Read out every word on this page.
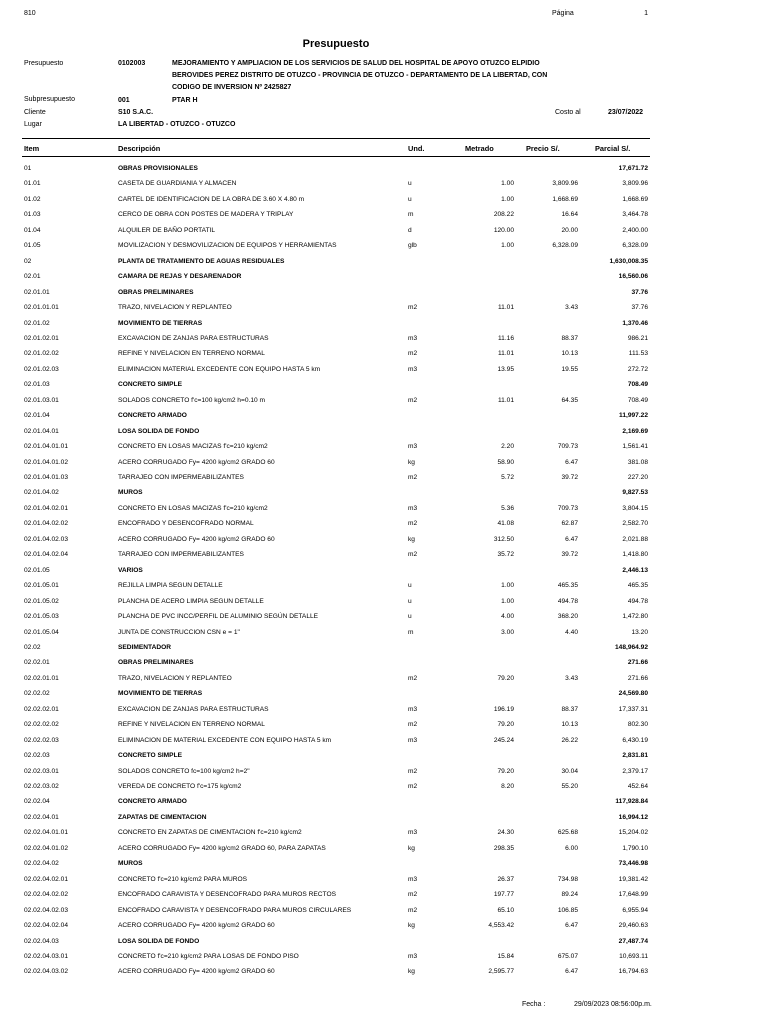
810	Página	1
Presupuesto
Presupuesto	0102003	MEJORAMIENTO Y AMPLIACION DE LOS SERVICIOS DE SALUD DEL HOSPITAL DE APOYO OTUZCO ELPIDIO
BEROVIDES PEREZ DISTRITO DE OTUZCO - PROVINCIA DE OTUZCO - DEPARTAMENTO DE LA LIBERTAD, CON
CODIGO DE INVERSION Nº 2425827
Subpresupuesto	001	PTAR H
Cliente	S10 S.A.C.	Costo al	23/07/2022
Lugar	LA LIBERTAD - OTUZCO - OTUZCO
Item	Descripción	Und.	Metrado	Precio S/.	Parcial S/.
01	OBRAS PROVISIONALES	17,671.72
01.01	CASETA DE GUARDIANIA Y ALMACEN	u	1.00	3,809.96	3,809.96
01.02	CARTEL DE IDENTIFICACION DE LA OBRA DE 3.60 X 4.80 m	u	1.00	1,668.69	1,668.69
01.03	CERCO DE OBRA CON POSTES DE MADERA Y TRIPLAY	m	208.22	16.64	3,464.78
01.04	ALQUILER DE BAÑO PORTATIL	d	120.00	20.00	2,400.00
01.05	MOVILIZACION Y DESMOVILIZACION DE EQUIPOS Y HERRAMIENTAS	glb	1.00	6,328.09	6,328.09
02	PLANTA DE TRATAMIENTO DE AGUAS RESIDUALES	1,630,008.35
02.01	CAMARA DE REJAS Y DESARENADOR	16,560.06
02.01.01	OBRAS PRELIMINARES	37.76
02.01.01.01	TRAZO, NIVELACION Y REPLANTEO	m2	11.01	3.43	37.76
02.01.02	MOVIMIENTO DE TIERRAS	1,370.46
02.01.02.01	EXCAVACION DE ZANJAS PARA ESTRUCTURAS	m3	11.16	88.37	986.21
02.01.02.02	REFINE Y NIVELACION EN TERRENO NORMAL	m2	11.01	10.13	111.53
02.01.02.03	ELIMINACION MATERIAL EXCEDENTE CON EQUIPO HASTA 5 km	m3	13.95	19.55	272.72
02.01.03	CONCRETO SIMPLE	708.49
02.01.03.01	SOLADOS CONCRETO f'c=100 kg/cm2 h=0.10 m	m2	11.01	64.35	708.49
02.01.04	CONCRETO ARMADO	11,997.22
02.01.04.01	LOSA SOLIDA DE FONDO	2,169.69
02.01.04.01.01	CONCRETO EN LOSAS MACIZAS f'c=210 kg/cm2	m3	2.20	709.73	1,561.41
02.01.04.01.02	ACERO CORRUGADO Fy= 4200 kg/cm2 GRADO 60	kg	58.90	6.47	381.08
02.01.04.01.03	TARRAJEO CON IMPERMEABILIZANTES	m2	5.72	39.72	227.20
02.01.04.02	MUROS	9,827.53
02.01.04.02.01	CONCRETO EN LOSAS MACIZAS f'c=210 kg/cm2	m3	5.36	709.73	3,804.15
02.01.04.02.02	ENCOFRADO Y DESENCOFRADO NORMAL	m2	41.08	62.87	2,582.70
02.01.04.02.03	ACERO CORRUGADO Fy= 4200 kg/cm2 GRADO 60	kg	312.50	6.47	2,021.88
02.01.04.02.04	TARRAJEO CON IMPERMEABILIZANTES	m2	35.72	39.72	1,418.80
02.01.05	VARIOS	2,446.13
02.01.05.01	REJILLA LIMPIA SEGUN DETALLE	u	1.00	465.35	465.35
02.01.05.02	PLANCHA DE ACERO LIMPIA SEGUN DETALLE	u	1.00	494.78	494.78
02.01.05.03	PLANCHA DE PVC INCC/PERFIL DE ALUMINIO SEGÚN DETALLE	u	4.00	368.20	1,472.80
02.01.05.04	JUNTA DE CONSTRUCCION CSN e = 1"	m	3.00	4.40	13.20
02.02	SEDIMENTADOR	148,964.92
02.02.01	OBRAS PRELIMINARES	271.66
02.02.01.01	TRAZO, NIVELACION Y REPLANTEO	m2	79.20	3.43	271.66
02.02.02	MOVIMIENTO DE TIERRAS	24,569.80
02.02.02.01	EXCAVACION DE ZANJAS PARA ESTRUCTURAS	m3	196.19	88.37	17,337.31
02.02.02.02	REFINE Y NIVELACION EN TERRENO NORMAL	m2	79.20	10.13	802.30
02.02.02.03	ELIMINACION DE MATERIAL EXCEDENTE CON EQUIPO HASTA 5 km	m3	245.24	26.22	6,430.19
02.02.03	CONCRETO SIMPLE	2,831.81
02.02.03.01	SOLADOS CONCRETO fc=100 kg/cm2 h=2"	m2	79.20	30.04	2,379.17
02.02.03.02	VEREDA DE CONCRETO f'c=175 kg/cm2	m2	8.20	55.20	452.64
02.02.04	CONCRETO ARMADO	117,928.84
02.02.04.01	ZAPATAS DE CIMENTACION	16,994.12
02.02.04.01.01	CONCRETO EN ZAPATAS DE CIMENTACION f'c=210 kg/cm2	m3	24.30	625.68	15,204.02
02.02.04.01.02	ACERO CORRUGADO Fy= 4200 kg/cm2 GRADO 60, PARA ZAPATAS	kg	298.35	6.00	1,790.10
02.02.04.02	MUROS	73,446.98
02.02.04.02.01	CONCRETO f'c=210 kg/cm2 PARA MUROS	m3	26.37	734.98	19,381.42
02.02.04.02.02	ENCOFRADO CARAVISTA Y DESENCOFRADO PARA MUROS RECTOS	m2	197.77	89.24	17,648.99
02.02.04.02.03	ENCOFRADO CARAVISTA Y DESENCOFRADO PARA MUROS CIRCULARES	m2	65.10	106.85	6,955.94
02.02.04.02.04	ACERO CORRUGADO Fy= 4200 kg/cm2 GRADO 60	kg	4,553.42	6.47	29,460.63
02.02.04.03	LOSA SOLIDA DE FONDO	27,487.74
02.02.04.03.01	CONCRETO f'c=210 kg/cm2 PARA LOSAS DE FONDO PISO	m3	15.84	675.07	10,693.11
02.02.04.03.02	ACERO CORRUGADO Fy= 4200 kg/cm2 GRADO 60	kg	2,595.77	6.47	16,794.63
Fecha :	29/09/2023 08:56:00p.m.
